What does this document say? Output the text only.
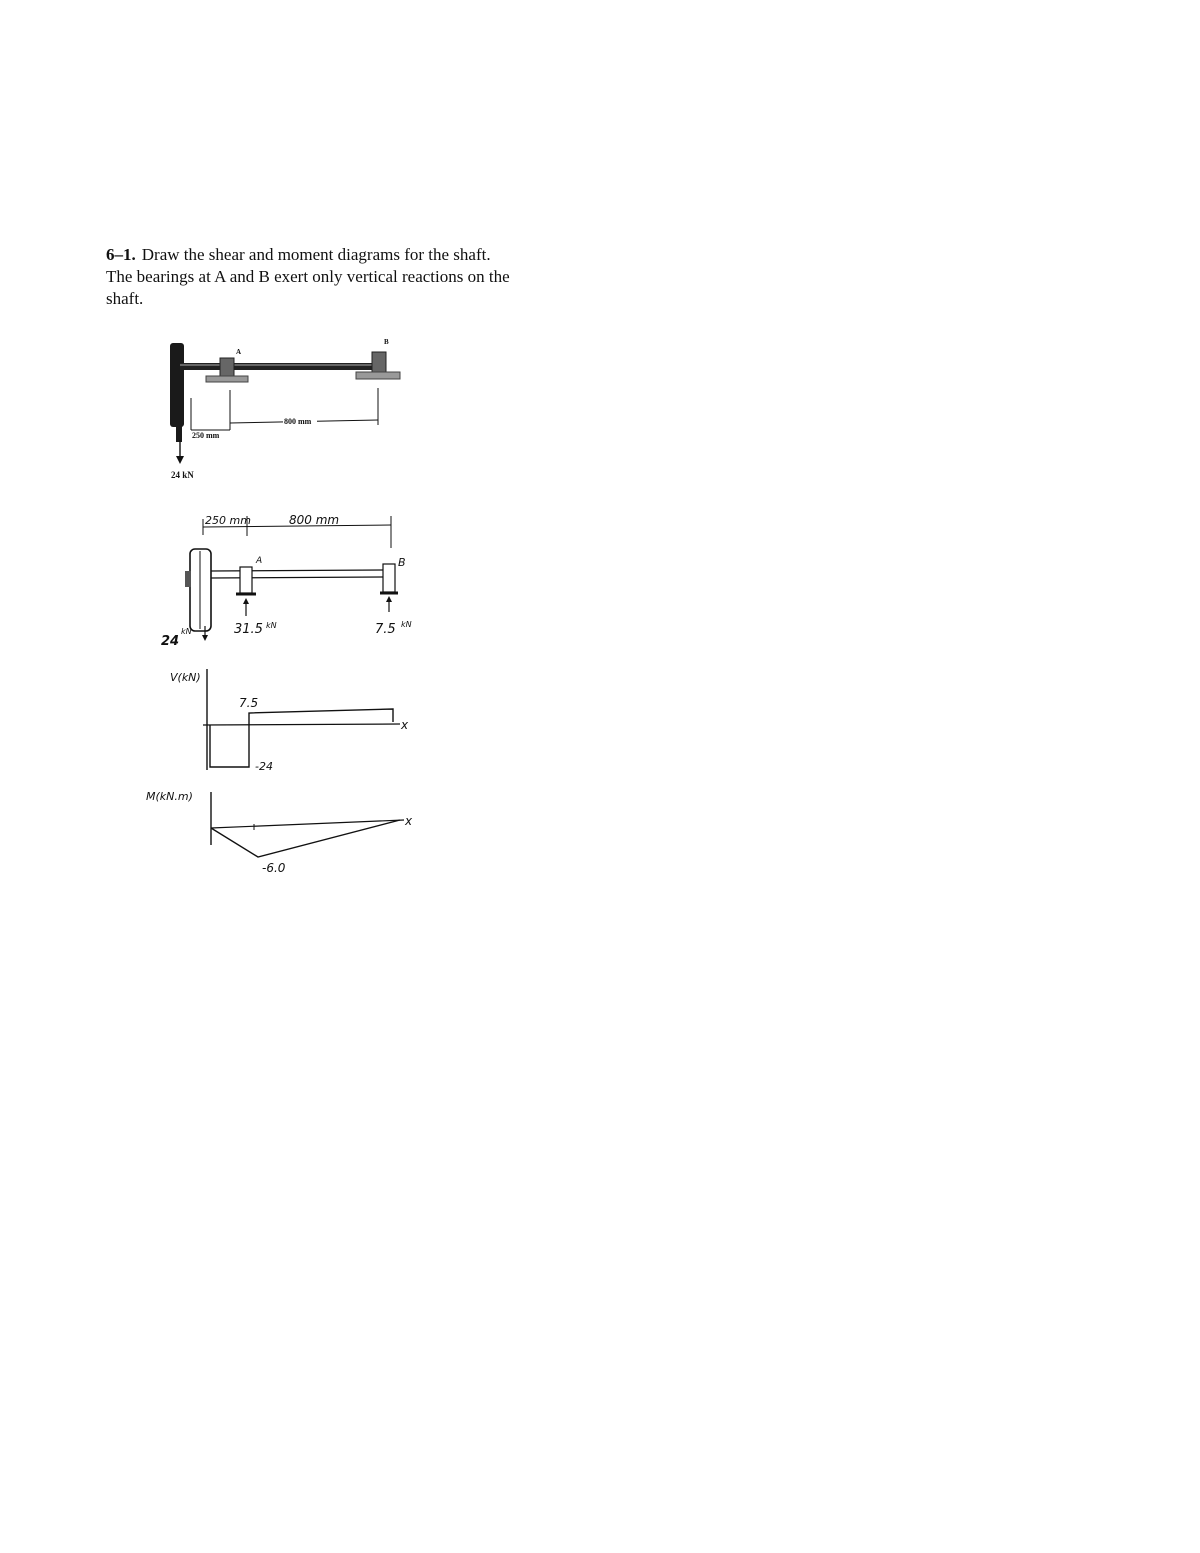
6–1. Draw the shear and moment diagrams for the shaft.
The bearings at A and B exert only vertical reactions on the
shaft.
A
B
250 mm
800 mm
24 kN
250 mm	800 mm
A	B
24
kN	31.5 kN	7.5 kN
V(kN)
x
7.5
-24
M(kN.m)
x
-6.0
